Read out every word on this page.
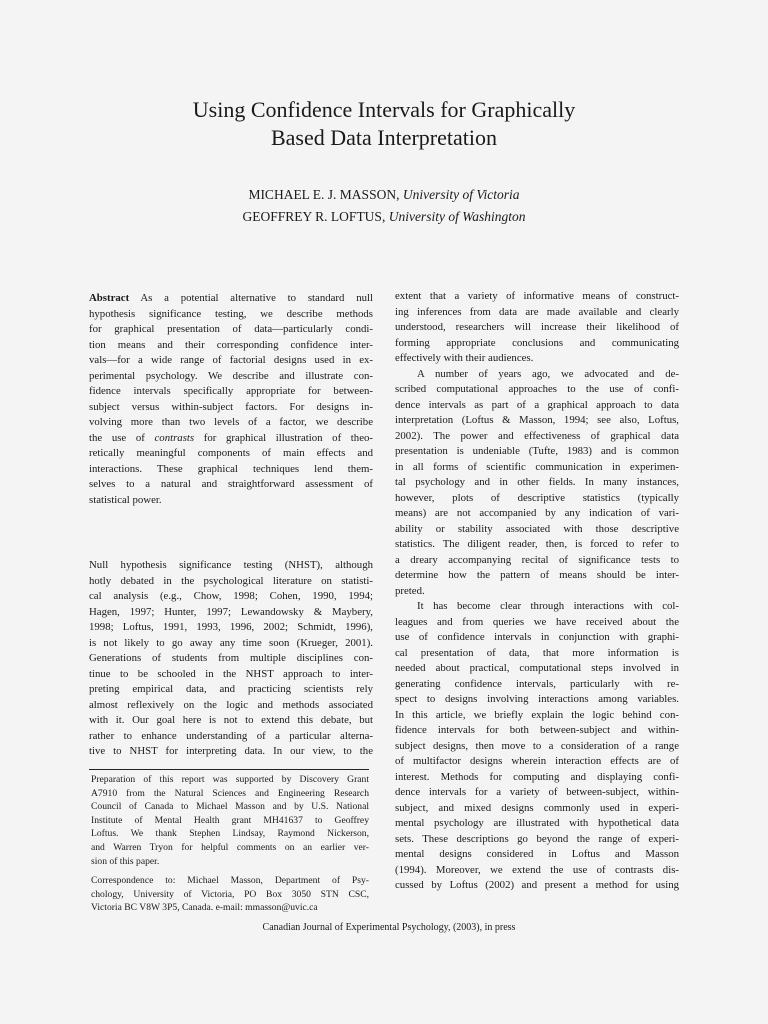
Using Confidence Intervals for Graphically
Based Data Interpretation
MICHAEL E. J. MASSON, University of Victoria
GEOFFREY R. LOFTUS, University of Washington
Abstract As a potential alternative to standard null
hypothesis significance testing, we describe methods
for graphical presentation of data—particularly condi-
tion means and their corresponding confidence inter-
vals—for a wide range of factorial designs used in ex-
perimental psychology. We describe and illustrate con-
fidence intervals specifically appropriate for between-
subject versus within-subject factors. For designs in-
volving more than two levels of a factor, we describe
the use of contrasts for graphical illustration of theo-
retically meaningful components of main effects and
interactions. These graphical techniques lend them-
selves to a natural and straightforward assessment of
statistical power.
Null hypothesis significance testing (NHST), although
hotly debated in the psychological literature on statisti-
cal analysis (e.g., Chow, 1998; Cohen, 1990, 1994;
Hagen, 1997; Hunter, 1997; Lewandowsky & Maybery,
1998; Loftus, 1991, 1993, 1996, 2002; Schmidt, 1996),
is not likely to go away any time soon (Krueger, 2001).
Generations of students from multiple disciplines con-
tinue to be schooled in the NHST approach to inter-
preting empirical data, and practicing scientists rely
almost reflexively on the logic and methods associated
with it. Our goal here is not to extend this debate, but
rather to enhance understanding of a particular alterna-
tive to NHST for interpreting data. In our view, to the
Preparation of this report was supported by Discovery Grant
A7910 from the Natural Sciences and Engineering Research
Council of Canada to Michael Masson and by U.S. National
Institute of Mental Health grant MH41637 to Geoffrey
Loftus. We thank Stephen Lindsay, Raymond Nickerson,
and Warren Tryon for helpful comments on an earlier ver-
sion of this paper.
Correspondence to: Michael Masson, Department of Psy-
chology, University of Victoria, PO Box 3050 STN CSC,
Victoria BC V8W 3P5, Canada. e-mail: mmasson@uvic.ca
extent that a variety of informative means of construct-
ing inferences from data are made available and clearly
understood, researchers will increase their likelihood of
forming appropriate conclusions and communicating
effectively with their audiences.
A number of years ago, we advocated and de-
scribed computational approaches to the use of confi-
dence intervals as part of a graphical approach to data
interpretation (Loftus & Masson, 1994; see also, Loftus,
2002). The power and effectiveness of graphical data
presentation is undeniable (Tufte, 1983) and is common
in all forms of scientific communication in experimen-
tal psychology and in other fields. In many instances,
however, plots of descriptive statistics (typically
means) are not accompanied by any indication of vari-
ability or stability associated with those descriptive
statistics. The diligent reader, then, is forced to refer to
a dreary accompanying recital of significance tests to
determine how the pattern of means should be inter-
preted.
It has become clear through interactions with col-
leagues and from queries we have received about the
use of confidence intervals in conjunction with graphi-
cal presentation of data, that more information is
needed about practical, computational steps involved in
generating confidence intervals, particularly with re-
spect to designs involving interactions among variables.
In this article, we briefly explain the logic behind con-
fidence intervals for both between-subject and within-
subject designs, then move to a consideration of a range
of multifactor designs wherein interaction effects are of
interest. Methods for computing and displaying confi-
dence intervals for a variety of between-subject, within-
subject, and mixed designs commonly used in experi-
mental psychology are illustrated with hypothetical data
sets. These descriptions go beyond the range of experi-
mental designs considered in Loftus and Masson
(1994). Moreover, we extend the use of contrasts dis-
cussed by Loftus (2002) and present a method for using
Canadian Journal of Experimental Psychology, (2003), in press
